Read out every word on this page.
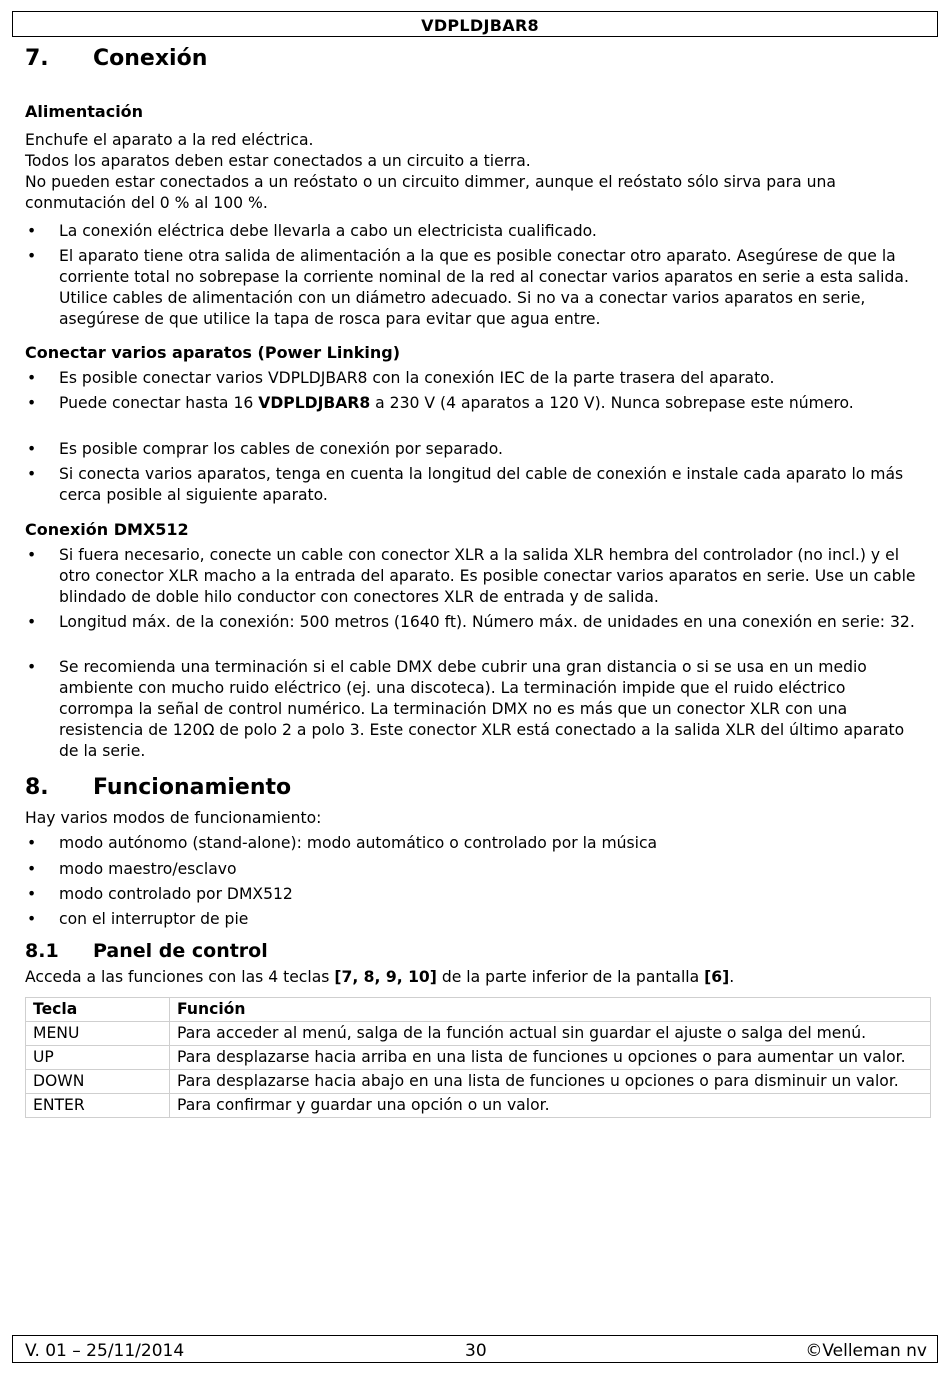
VDPLDJBAR8
7. Conexión
Alimentación
Enchufe el aparato a la red eléctrica.
Todos los aparatos deben estar conectados a un circuito a tierra.
No pueden estar conectados a un reóstato o un circuito dimmer, aunque el reóstato sólo sirva para una conmutación del 0 % al 100 %.
• La conexión eléctrica debe llevarla a cabo un electricista cualificado.
• El aparato tiene otra salida de alimentación a la que es posible conectar otro aparato. Asegúrese de que la corriente total no sobrepase la corriente nominal de la red al conectar varios aparatos en serie a esta salida. Utilice cables de alimentación con un diámetro adecuado. Si no va a conectar varios aparatos en serie, asegúrese de que utilice la tapa de rosca para evitar que agua entre.
Conectar varios aparatos (Power Linking)
• Es posible conectar varios VDPLDJBAR8 con la conexión IEC de la parte trasera del aparato.
• Puede conectar hasta 16 VDPLDJBAR8 a 230 V (4 aparatos a 120 V). Nunca sobrepase este número.
• Es posible comprar los cables de conexión por separado.
• Si conecta varios aparatos, tenga en cuenta la longitud del cable de conexión e instale cada aparato lo más cerca posible al siguiente aparato.
Conexión DMX512
• Si fuera necesario, conecte un cable con conector XLR a la salida XLR hembra del controlador (no incl.) y el otro conector XLR macho a la entrada del aparato. Es posible conectar varios aparatos en serie. Use un cable blindado de doble hilo conductor con conectores XLR de entrada y de salida.
• Longitud máx. de la conexión: 500 metros (1640 ft). Número máx. de unidades en una conexión en serie: 32.
• Se recomienda una terminación si el cable DMX debe cubrir una gran distancia o si se usa en un medio ambiente con mucho ruido eléctrico (ej. una discoteca). La terminación impide que el ruido eléctrico corrompa la señal de control numérico. La terminación DMX no es más que un conector XLR con una resistencia de 120Ω de polo 2 a polo 3. Este conector XLR está conectado a la salida XLR del último aparato de la serie.
8. Funcionamiento
Hay varios modos de funcionamiento:
• modo autónomo (stand-alone): modo automático o controlado por la música
• modo maestro/esclavo
• modo controlado por DMX512
• con el interruptor de pie
8.1 Panel de control
Acceda a las funciones con las 4 teclas [7, 8, 9, 10] de la parte inferior de la pantalla [6].
Tecla	Función
MENU	Para acceder al menú, salga de la función actual sin guardar el ajuste o salga del menú.
UP	Para desplazarse hacia arriba en una lista de funciones u opciones o para aumentar un valor.
DOWN	Para desplazarse hacia abajo en una lista de funciones u opciones o para disminuir un valor.
ENTER	Para confirmar y guardar una opción o un valor.
V. 01 – 25/11/2014	30	©Velleman nv
